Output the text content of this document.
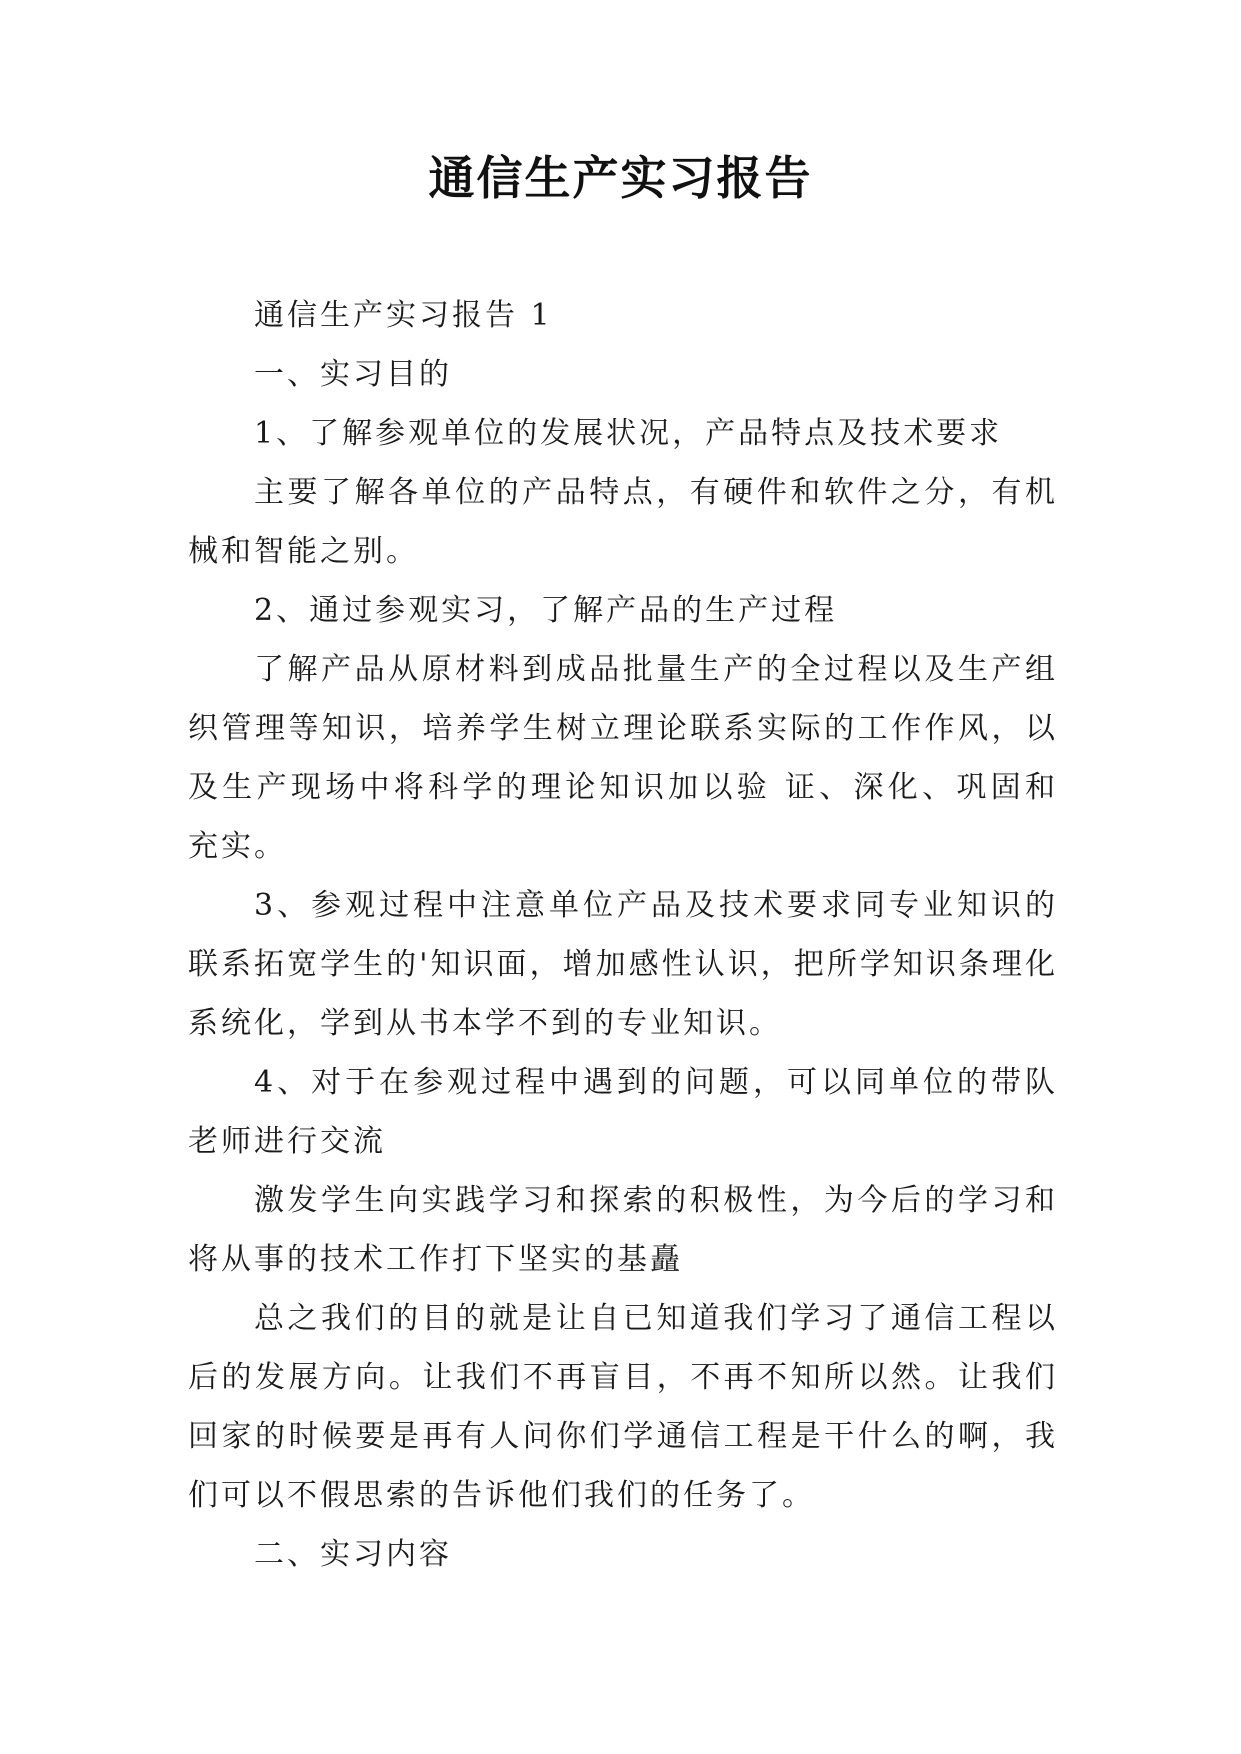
通信生产实习报告

通信生产实习报告 1

一、实习目的

1、了解参观单位的发展状况，产品特点及技术要求

主要了解各单位的产品特点，有硬件和软件之分，有机械和智能之别。

2、通过参观实习，了解产品的生产过程

了解产品从原材料到成品批量生产的全过程以及生产组织管理等知识，培养学生树立理论联系实际的工作作风，以及生产现场中将科学的理论知识加以验 证、深化、巩固和充实。

3、参观过程中注意单位产品及技术要求同专业知识的联系拓宽学生的'知识面，增加感性认识，把所学知识条理化系统化，学到从书本学不到的专业知识。

4、对于在参观过程中遇到的问题，可以同单位的带队老师进行交流

激发学生向实践学习和探索的积极性，为今后的学习和将从事的技术工作打下坚实的基矗

总之我们的目的就是让自已知道我们学习了通信工程以后的发展方向。让我们不再盲目，不再不知所以然。让我们回家的时候要是再有人问你们学通信工程是干什么的啊，我们可以不假思索的告诉他们我们的任务了。

二、实习内容
